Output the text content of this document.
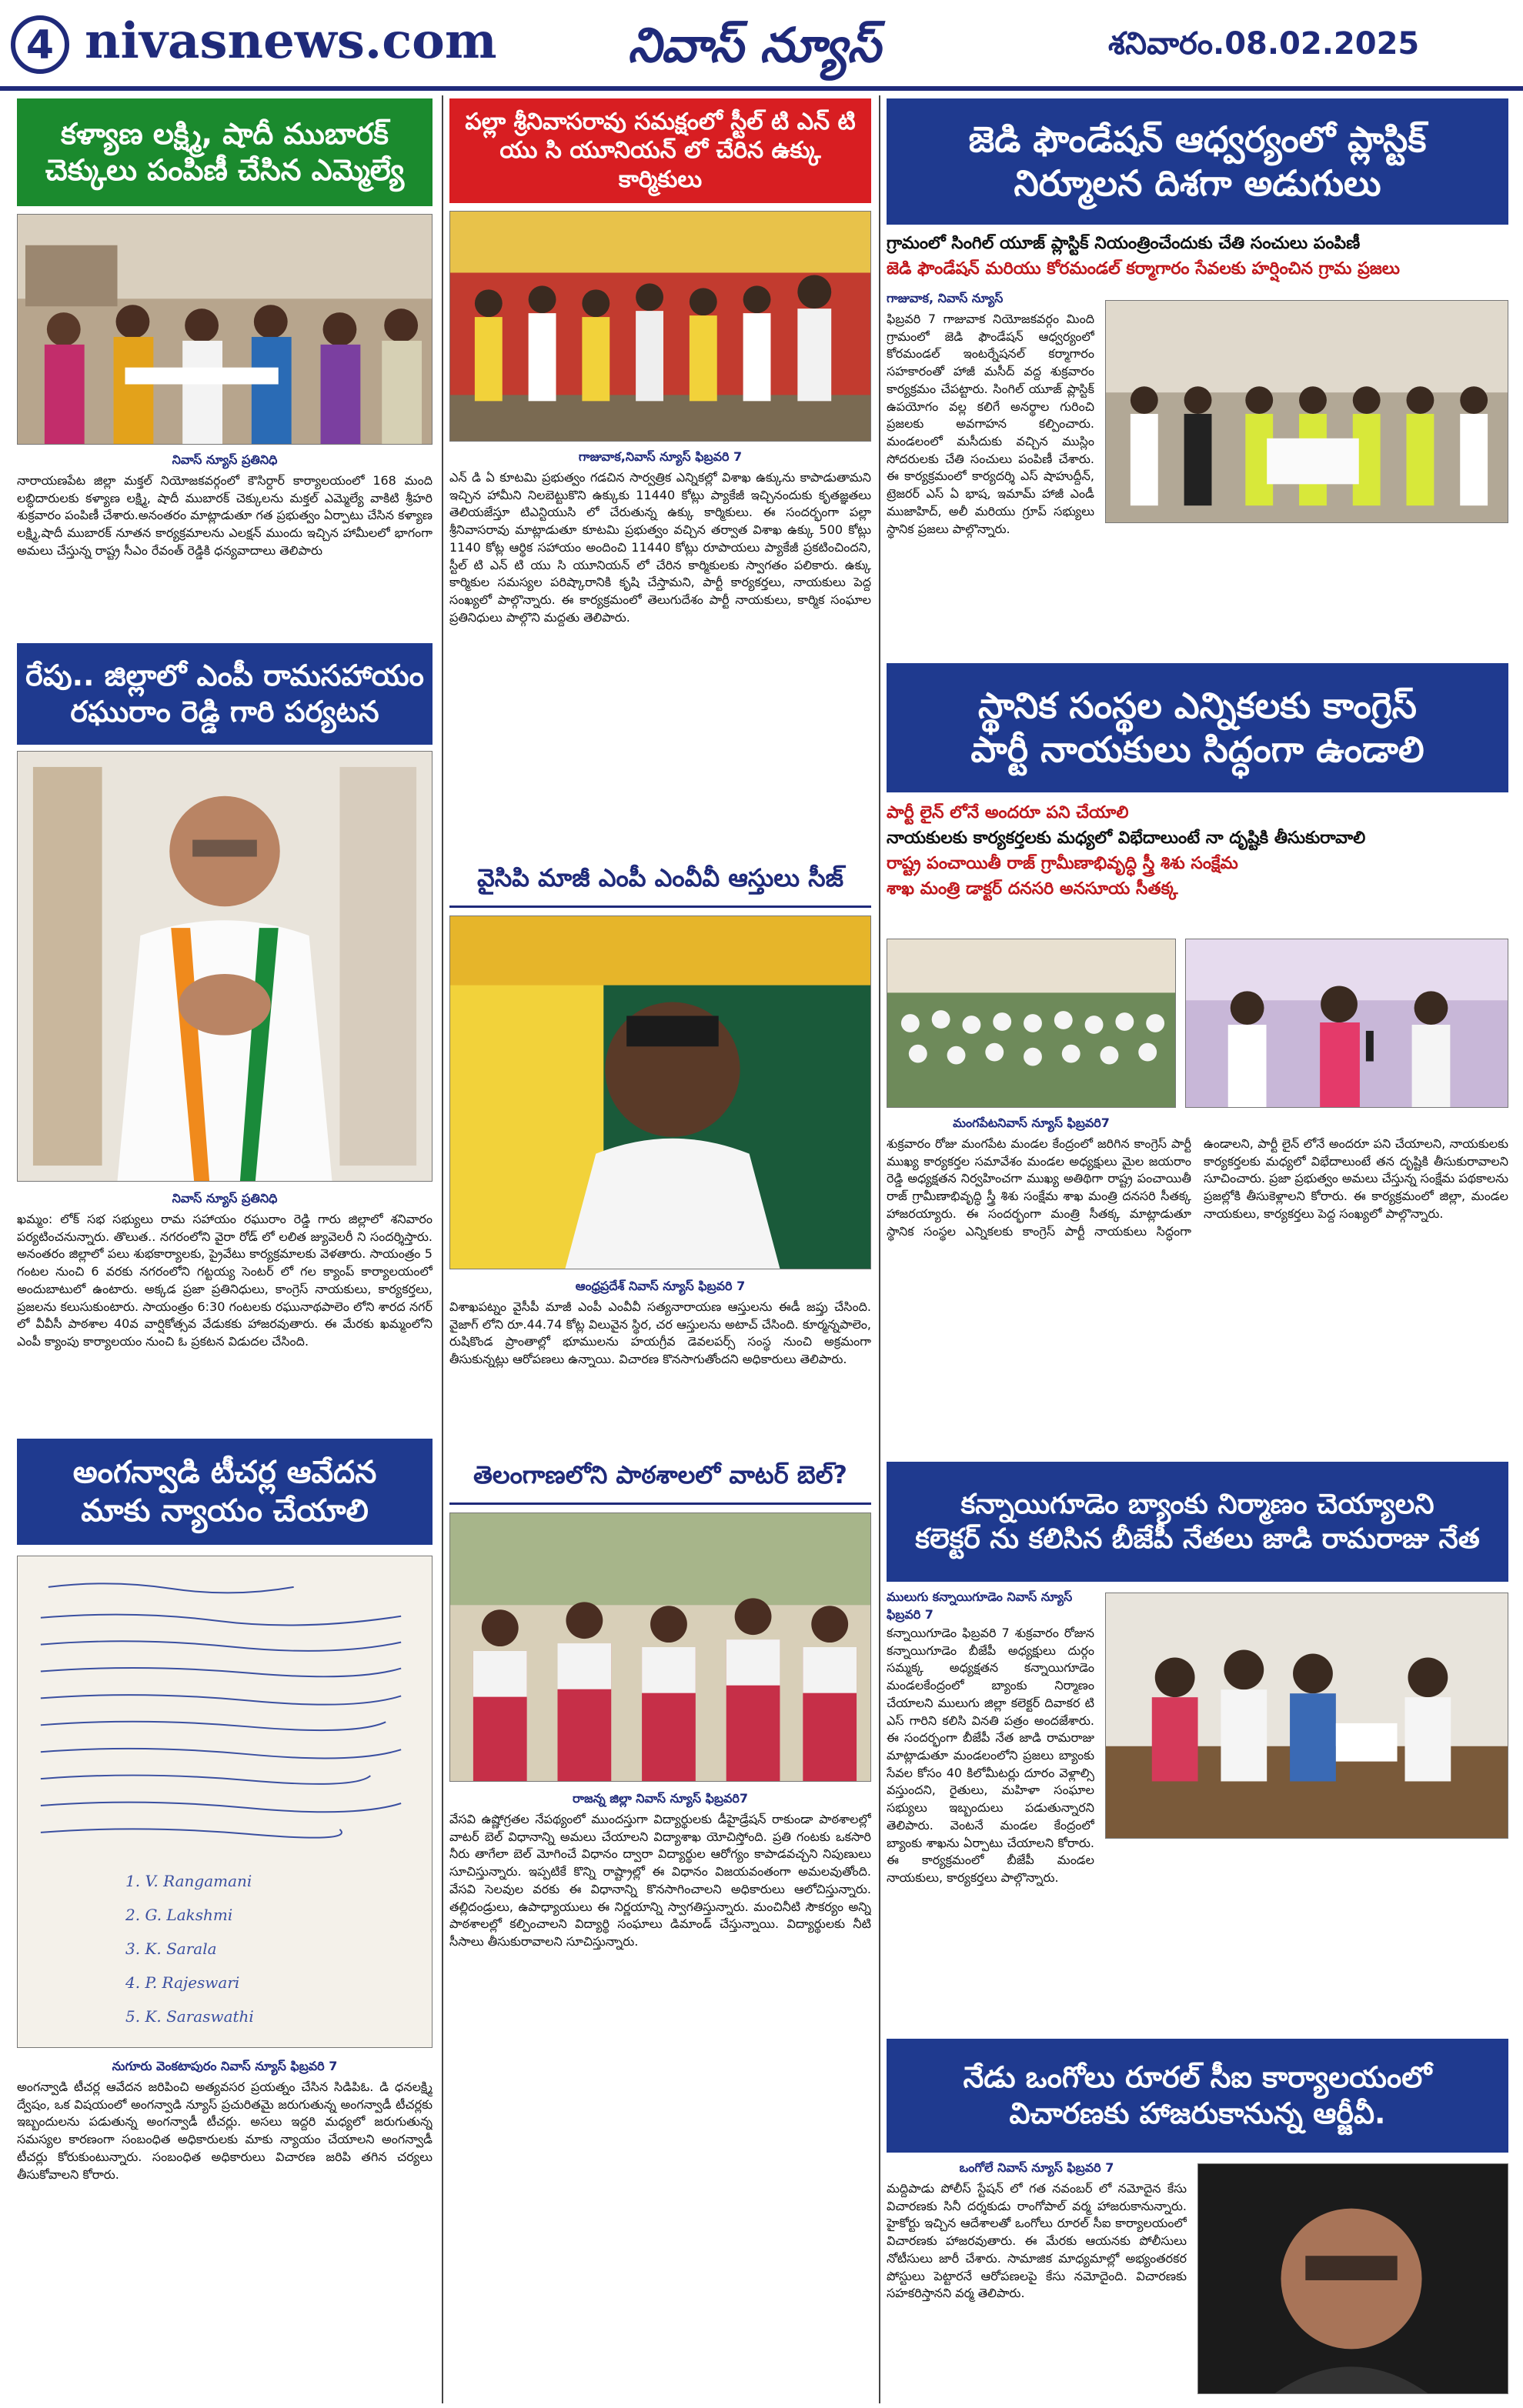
4 nivasnews.com	నివాస్ న్యూస్	శనివారం.08.02.2025
కళ్యాణ లక్ష్మి, షాదీ ముబారక్
చెక్కులు పంపిణీ చేసిన ఎమ్మెల్యే
నివాస్ న్యూస్ ప్రతినిధి
నారాయణపేట జిల్లా మక్తల్ నియోజకవర్గంలో కౌసిర్దార్ కార్యాలయంలో 168 మంది లబ్ధిదారులకు కళ్యాణ లక్ష్మి, షాదీ ముబారక్ చెక్కులను మక్తల్ ఎమ్మెల్యే వాకిటి శ్రీహరి శుక్రవారం పంపిణీ చేశారు.అనంతరం మాట్లాడుతూ గత ప్రభుత్వం ఏర్పాటు చేసిన కళ్యాణ లక్ష్మి,షాదీ ముబారక్ నూతన కార్యక్రమాలను ఎలక్షన్ ముందు ఇచ్చిన హామీలలో భాగంగా అమలు చేస్తున్న రాష్ట్ర సీఎం రేవంత్ రెడ్డికి ధన్యవాదాలు తెలిపారు
రేపు.. జిల్లాలో ఎంపీ రామసహాయం
రఘురాం రెడ్డి గారి పర్యటన
నివాస్ న్యూస్ ప్రతినిధి
ఖమ్మం: లోక్ సభ సభ్యులు రామ సహాయం రఘురాం రెడ్డి గారు జిల్లాలో శనివారం పర్యటించనున్నారు. తొలుత.. నగరంలోని వైరా రోడ్ లో లలిత జ్యువెలరీ ని సందర్శిస్తారు. అనంతరం జిల్లాలో పలు శుభకార్యాలకు, ప్రైవేటు కార్యక్రమాలకు వెళతారు. సాయంత్రం 5 గంటల నుంచి 6 వరకు నగరంలోని గట్టయ్య సెంటర్ లో గల క్యాంప్ కార్యాలయంలో అందుబాటులో ఉంటారు. అక్కడ ప్రజా ప్రతినిధులు, కాంగ్రెస్ నాయకులు, కార్యకర్తలు, ప్రజలను కలుసుకుంటారు. సాయంత్రం 6:30 గంటలకు రఘునాథపాలెం లోని శారద నగర్ లో వీవీసీ పాఠశాల 40వ వార్షికోత్సవ వేడుకకు హాజరవుతారు. ఈ మేరకు ఖమ్మంలోని ఎంపీ క్యాంపు కార్యాలయం నుంచి ఓ ప్రకటన విడుదల చేసింది.
అంగన్వాడి టీచర్ల ఆవేదన
మాకు న్యాయం చేయాలి
1. V. Rangamani
2. G. Lakshmi
3. K. Sarala
4. P. Rajeswari
5. K. Saraswathi
నుగూరు వెంకటాపురం నివాస్ న్యూస్ ఫిబ్రవరి 7
అంగన్వాడి టీచర్ల ఆవేదన జరిపించి అత్యవసర ప్రయత్నం చేసిన సిడిపిఓ. డి ధనలక్ష్మి ద్వేషం, ఒక విషయంలో అంగన్వాడి న్యూస్ ప్రచురితమై జరుగుతున్న అంగన్వాడీ టీచర్లకు ఇబ్బందులను పడుతున్న అంగన్వాడీ టీచర్లు. అసలు ఇద్దరి మధ్యలో జరుగుతున్న సమస్యల కారణంగా సంబంధిత అధికారులకు మాకు న్యాయం చేయాలని అంగన్వాడీ టీచర్లు కోరుకుంటున్నారు. సంబంధిత అధికారులు విచారణ జరిపి తగిన చర్యలు తీసుకోవాలని కోరారు.
పల్లా శ్రీనివాసరావు సమక్షంలో స్టీల్ టి ఎన్ టి
యు సి యూనియన్ లో చేరిన ఉక్కు కార్మికులు
గాజువాక,నివాస్ న్యూస్ ఫిబ్రవరి 7
ఎన్ డి ఏ కూటమి ప్రభుత్వం గడచిన సార్వత్రిక ఎన్నికల్లో విశాఖ ఉక్కును కాపాడుతామని ఇచ్చిన హామీని నిలబెట్టుకొని ఉక్కుకు 11440 కోట్లు ప్యాకేజీ ఇచ్చినందుకు కృతజ్ఞతలు తెలియజేస్తూ టిఎన్టియుసి లో చేరుతున్న ఉక్కు కార్మికులు. ఈ సందర్భంగా పల్లా శ్రీనివాసరావు మాట్లాడుతూ కూటమి ప్రభుత్వం వచ్చిన తర్వాత విశాఖ ఉక్కు 500 కోట్లు 1140 కోట్ల ఆర్థిక సహాయం అందించి 11440 కోట్లు రూపాయలు ప్యాకేజీ ప్రకటించిందని, స్టీల్ టి ఎన్ టి యు సి యూనియన్ లో చేరిన కార్మికులకు స్వాగతం పలికారు. ఉక్కు కార్మికుల సమస్యల పరిష్కారానికి కృషి చేస్తామని, పార్టీ కార్యకర్తలు, నాయకులు పెద్ద సంఖ్యలో పాల్గొన్నారు. ఈ కార్యక్రమంలో తెలుగుదేశం పార్టీ నాయకులు, కార్మిక సంఘాల ప్రతినిధులు పాల్గొని మద్దతు తెలిపారు.
వైసిపి మాజీ ఎంపీ ఎంవీవీ ఆస్తులు సీజ్
ఆంధ్రప్రదేశ్ నివాస్ న్యూస్ ఫిబ్రవరి 7
విశాఖపట్నం వైసీపీ మాజీ ఎంపీ ఎంవీవీ సత్యనారాయణ ఆస్తులను ఈడీ జప్తు చేసింది. వైజాగ్ లోని రూ.44.74 కోట్ల విలువైన స్థిర, చర ఆస్తులను అటాచ్ చేసింది. కూర్మన్నపాలెం, రుషికొండ ప్రాంతాల్లో భూములను హయగ్రీవ డెవలపర్స్ సంస్థ నుంచి అక్రమంగా తీసుకున్నట్లు ఆరోపణలు ఉన్నాయి. విచారణ కొనసాగుతోందని అధికారులు తెలిపారు.
తెలంగాణలోని పాఠశాలలో వాటర్ బెల్?
రాజన్న జిల్లా నివాస్ న్యూస్ ఫిబ్రవరి7
వేసవి ఉష్ణోగ్రతల నేపథ్యంలో ముందస్తుగా విద్యార్థులకు డీహైడ్రేషన్ రాకుండా పాఠశాలల్లో వాటర్ బెల్ విధానాన్ని అమలు చేయాలని విద్యాశాఖ యోచిస్తోంది. ప్రతి గంటకు ఒకసారి నీరు తాగేలా బెల్ మోగించే విధానం ద్వారా విద్యార్థుల ఆరోగ్యం కాపాడవచ్చని నిపుణులు సూచిస్తున్నారు. ఇప్పటికే కొన్ని రాష్ట్రాల్లో ఈ విధానం విజయవంతంగా అమలవుతోంది. వేసవి సెలవుల వరకు ఈ విధానాన్ని కొనసాగించాలని అధికారులు ఆలోచిస్తున్నారు. తల్లిదండ్రులు, ఉపాధ్యాయులు ఈ నిర్ణయాన్ని స్వాగతిస్తున్నారు. మంచినీటి సౌకర్యం అన్ని పాఠశాలల్లో కల్పించాలని విద్యార్థి సంఘాలు డిమాండ్ చేస్తున్నాయి. విద్యార్థులకు నీటి సీసాలు తీసుకురావాలని సూచిస్తున్నారు.
జెడి ఫౌండేషన్ ఆధ్వర్యంలో ప్లాస్టిక్
నిర్మూలన దిశగా అడుగులు
గ్రామంలో సింగిల్ యూజ్ ప్లాస్టిక్ నియంత్రించేందుకు చేతి సంచులు పంపిణీ
జెడి ఫౌండేషన్ మరియు కోరమండల్ కర్మాగారం సేవలకు హర్షించిన గ్రామ ప్రజలు
గాజువాక, నివాస్ న్యూస్
ఫిబ్రవరి 7 గాజువాక నియోజకవర్గం మింది గ్రామంలో జెడి ఫౌండేషన్ ఆధ్వర్యంలో కోరమండల్ ఇంటర్నేషనల్ కర్మాగారం సహకారంతో హాజీ మసీద్ వద్ద శుక్రవారం కార్యక్రమం చేపట్టారు. సింగిల్ యూజ్ ప్లాస్టిక్ ఉపయోగం వల్ల కలిగే అనర్థాల గురించి ప్రజలకు అవగాహన కల్పించారు. మండలంలో మసీదుకు వచ్చిన ముస్లిం సోదరులకు చేతి సంచులు పంపిణీ చేశారు. ఈ కార్యక్రమంలో కార్యదర్శి ఎస్ షాహుద్దీన్, ట్రెజరర్ ఎస్ ఏ భాష, ఇమామ్ హాజీ ఎండీ ముజాహిద్, అలీ మరియు గ్రూప్ సభ్యులు స్థానిక ప్రజలు పాల్గొన్నారు.
స్థానిక సంస్థల ఎన్నికలకు కాంగ్రెస్
పార్టీ నాయకులు సిద్ధంగా ఉండాలి
పార్టీ లైన్ లోనే అందరూ పని చేయాలి
నాయకులకు కార్యకర్తలకు మధ్యలో విభేదాలుంటే నా దృష్టికి తీసుకురావాలి
రాష్ట్ర పంచాయితీ రాజ్ గ్రామీణాభివృద్ధి స్త్రీ శిశు సంక్షేమ
శాఖ మంత్రి డాక్టర్ దనసరి అనసూయ సీతక్క
మంగపేటనివాస్ న్యూస్ ఫిబ్రవరి7
శుక్రవారం రోజు మంగపేట మండల కేంద్రంలో జరిగిన కాంగ్రెస్ పార్టీ ముఖ్య కార్యకర్తల సమావేశం మండల అధ్యక్షులు మైల జయరాం రెడ్డి అధ్యక్షతన నిర్వహించగా ముఖ్య అతిథిగా రాష్ట్ర పంచాయితీ రాజ్ గ్రామీణాభివృద్ధి స్త్రీ శిశు సంక్షేమ శాఖ మంత్రి దనసరి సీతక్క హాజరయ్యారు. ఈ సందర్భంగా మంత్రి సీతక్క మాట్లాడుతూ స్థానిక సంస్థల ఎన్నికలకు కాంగ్రెస్ పార్టీ నాయకులు సిద్ధంగా ఉండాలని, పార్టీ లైన్ లోనే అందరూ పని చేయాలని, నాయకులకు కార్యకర్తలకు మధ్యలో విభేదాలుంటే తన దృష్టికి తీసుకురావాలని సూచించారు. ప్రజా ప్రభుత్వం అమలు చేస్తున్న సంక్షేమ పథకాలను ప్రజల్లోకి తీసుకెళ్లాలని కోరారు. ఈ కార్యక్రమంలో జిల్లా, మండల నాయకులు, కార్యకర్తలు పెద్ద సంఖ్యలో పాల్గొన్నారు.
కన్నాయిగూడెం బ్యాంకు నిర్మాణం చెయ్యాలని
కలెక్టర్ ను కలిసిన బీజేపీ నేతలు జాడి రామరాజు నేత
ములుగు కన్నాయిగూడెం నివాస్ న్యూస్ ఫిబ్రవరి 7
కన్నాయిగూడెం ఫిబ్రవరి 7 శుక్రవారం రోజున కన్నాయిగూడెం బీజేపీ అధ్యక్షులు దుర్గం సమ్మక్క అధ్యక్షతన కన్నాయిగూడెం మండలకేంద్రంలో బ్యాంకు నిర్మాణం చేయాలని ములుగు జిల్లా కలెక్టర్ దివాకర టి ఎస్ గారిని కలిసి వినతి పత్రం అందజేశారు. ఈ సందర్భంగా బీజేపీ నేత జాడి రామరాజు మాట్లాడుతూ మండలంలోని ప్రజలు బ్యాంకు సేవల కోసం 40 కిలోమీటర్లు దూరం వెళ్లాల్సి వస్తుందని, రైతులు, మహిళా సంఘాల సభ్యులు ఇబ్బందులు పడుతున్నారని తెలిపారు. వెంటనే మండల కేంద్రంలో బ్యాంకు శాఖను ఏర్పాటు చేయాలని కోరారు. ఈ కార్యక్రమంలో బీజేపీ మండల నాయకులు, కార్యకర్తలు పాల్గొన్నారు.
నేడు ఒంగోలు రూరల్ సీఐ కార్యాలయంలో
విచారణకు హాజరుకానున్న ఆర్జీవీ.
ఒంగోలే నివాస్ న్యూస్ ఫిబ్రవరి 7
మద్దిపాడు పోలీస్ స్టేషన్ లో గత నవంబర్ లో నమోదైన కేసు విచారణకు సినీ దర్శకుడు రాంగోపాల్ వర్మ హాజరుకానున్నారు. హైకోర్టు ఇచ్చిన ఆదేశాలతో ఒంగోలు రూరల్ సీఐ కార్యాలయంలో విచారణకు హాజరవుతారు. ఈ మేరకు ఆయనకు పోలీసులు నోటీసులు జారీ చేశారు. సామాజిక మాధ్యమాల్లో అభ్యంతరకర పోస్టులు పెట్టారనే ఆరోపణలపై కేసు నమోదైంది. విచారణకు సహకరిస్తానని వర్మ తెలిపారు.
